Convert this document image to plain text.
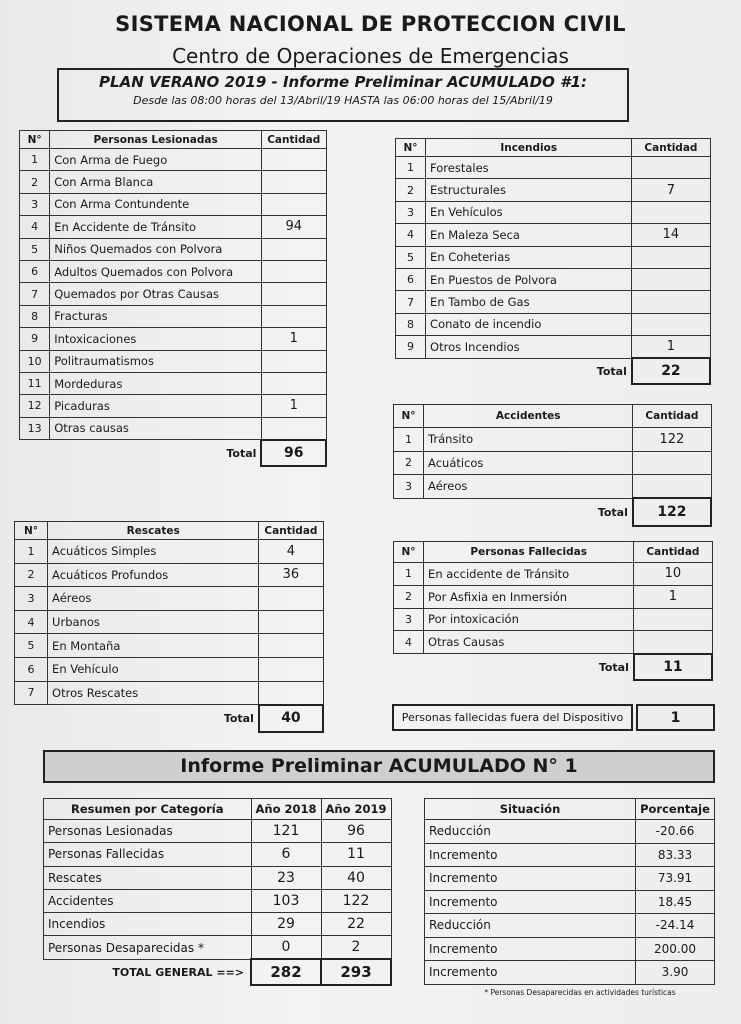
SISTEMA NACIONAL DE PROTECCION CIVIL
Centro de Operaciones de Emergencias
PLAN VERANO 2019 - Informe Preliminar ACUMULADO #1:
Desde las 08:00 horas del 13/Abril/19 HASTA las 06:00 horas del 15/Abril/19
N°	Personas Lesionadas	Cantidad
1	Con Arma de Fuego	
2	Con Arma Blanca	
3	Con Arma Contundente	
4	En Accidente de Tránsito	94
5	Niños Quemados con Polvora	
6	Adultos Quemados con Polvora	
7	Quemados por Otras Causas	
8	Fracturas	
9	Intoxicaciones	1
10	Politraumatismos	
11	Mordeduras	
12	Picaduras	1
13	Otras causas	
	Total	96
N°	Incendios	Cantidad
1	Forestales	
2	Estructurales	7
3	En Vehículos	
4	En Maleza Seca	14
5	En Coheterias	
6	En Puestos de Polvora	
7	En Tambo de Gas	
8	Conato de incendio	
9	Otros Incendios	1
	Total	22
N°	Accidentes	Cantidad
1	Tránsito	122
2	Acuáticos	
3	Aéreos	
	Total	122
N°	Rescates	Cantidad
1	Acuáticos Simples	4
2	Acuáticos Profundos	36
3	Aéreos	
4	Urbanos	
5	En Montaña	
6	En Vehículo	
7	Otros Rescates	
	Total	40
N°	Personas Fallecidas	Cantidad
1	En accidente de Tránsito	10
2	Por Asfixia en Inmersión	1
3	Por intoxicación	
4	Otras Causas	
	Total	11
Personas fallecidas fuera del Dispositivo	1
Informe Preliminar ACUMULADO N° 1
Resumen por Categoría	Año 2018	Año 2019
Personas Lesionadas	121	96
Personas Fallecidas	6	11
Rescates	23	40
Accidentes	103	122
Incendios	29	22
Personas Desaparecidas *	0	2
TOTAL GENERAL ==>	282	293
Situación	Porcentaje
Reducción	-20.66
Incremento	83.33
Incremento	73.91
Incremento	18.45
Reducción	-24.14
Incremento	200.00
Incremento	3.90
* Personas Desaparecidas en actividades turísticas
